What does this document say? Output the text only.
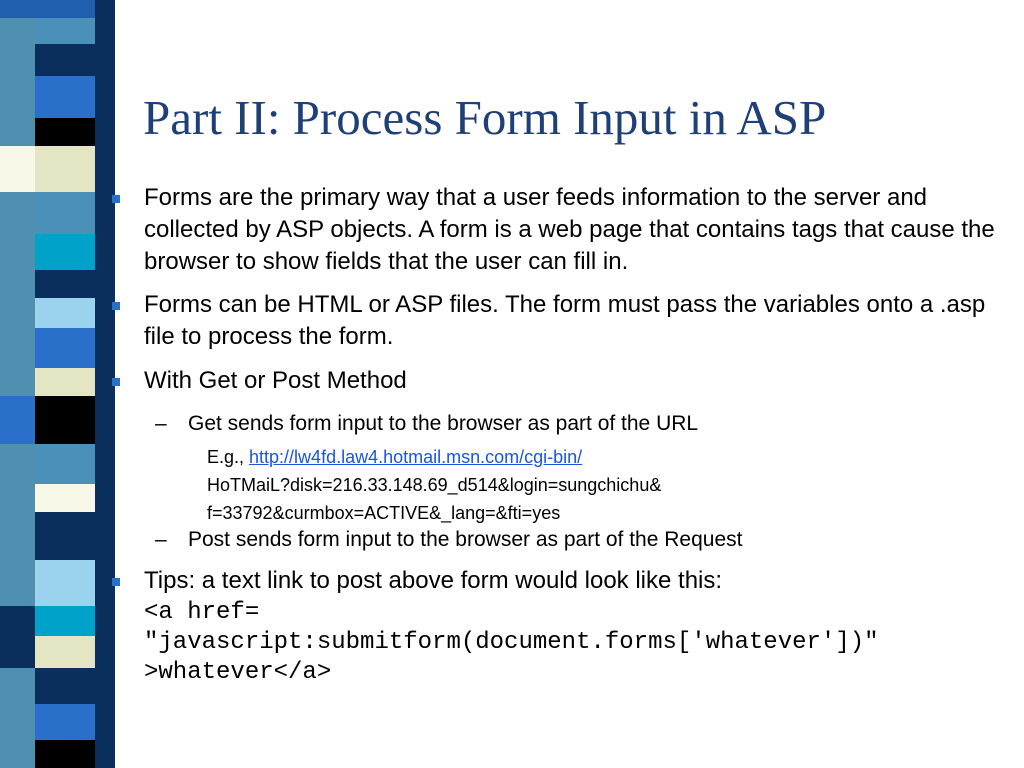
Part II: Process Form Input in ASP

Forms are the primary way that a user feeds information to the server and collected by ASP objects. A form is a web page that contains tags that cause the browser to show fields that the user can fill in.

Forms can be HTML or ASP files. The form must pass the variables onto a .asp file to process the form.

With Get or Post Method

– Get sends form input to the browser as part of the URL

E.g., http://lw4fd.law4.hotmail.msn.com/cgi-bin/

HoTMaiL?disk=216.33.148.69_d514&login=sungchichu&

f=33792&curmbox=ACTIVE&_lang=&fti=yes

– Post sends form input to the browser as part of the Request

Tips: a text link to post above form would look like this:

<a href=

"javascript:submitform(document.forms['whatever'])"

>whatever</a>
